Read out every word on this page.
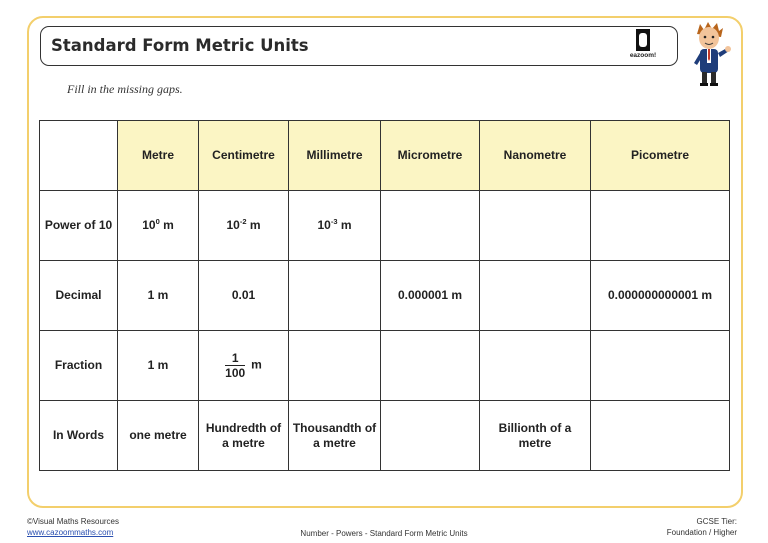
Standard Form Metric Units
eazoom!
Fill in the missing gaps.
	Metre	Centimetre	Millimetre	Micrometre	Nanometre	Picometre
Power of 10	$10^0$ m	$10^{-2}$ m	$10^{-3}$ m			
Decimal	1 m	0.01		0.000001 m		0.000000000001 m
Fraction	1 m	$\frac{1}{100}$ m				
In Words	one metre	Hundredth of a metre	Thousandth of a metre		Billionth of a metre	
©Visual Maths Resources
www.cazoommaths.com	Number - Powers - Standard Form Metric Units
GCSE Tier:
Foundation / Higher
